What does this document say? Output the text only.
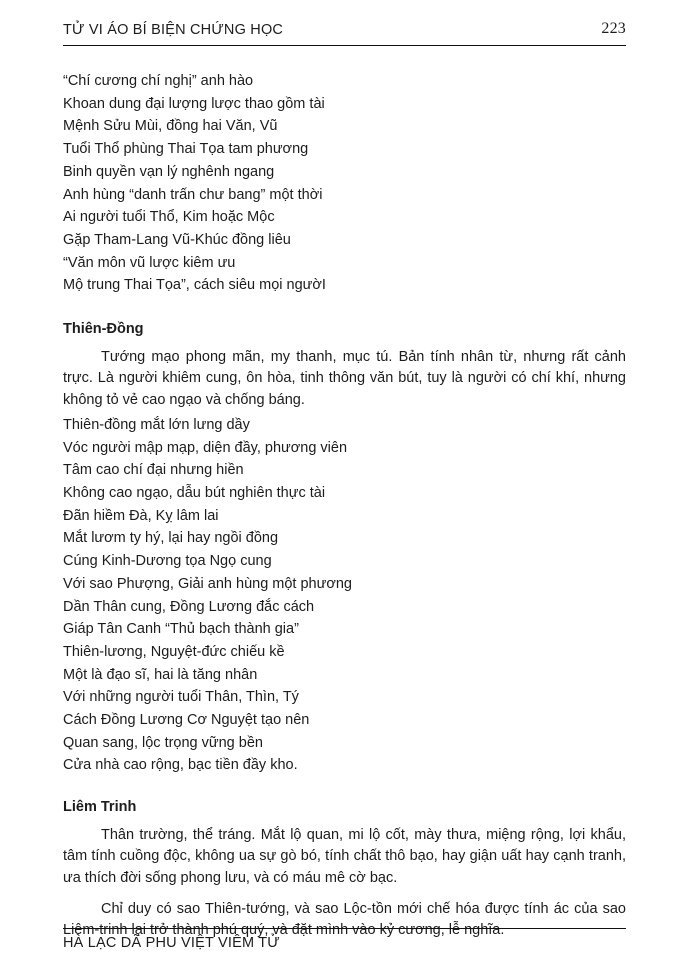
TỬ VI ÁO BÍ BIỆN CHỨNG HỌC	223

“Chí cương chí nghị” anh hào

Khoan dung đại lượng lược thao gồm tài

Mệnh Sửu Mùi, đồng hai Văn, Vũ

Tuổi Thổ phùng Thai Tọa tam phương

Binh quyền vạn lý nghênh ngang

Anh hùng “danh trấn chư bang” một thời

Ai người tuổi Thổ, Kim hoặc Mộc

Gặp Tham-Lang Vũ-Khúc đồng liêu

“Văn môn vũ lược kiêm ưu

Mộ trung Thai Tọa”, cách siêu mọi ngườI

Thiên-Đồng

Tướng mạo phong mãn, my thanh, mục tú. Bản tính nhân từ, nhưng rất cảnh trực. Là người khiêm cung, ôn hòa, tinh thông văn bút, tuy là người có chí khí, nhưng không tỏ vẻ cao ngạo và chống báng.

Thiên-đồng mắt lớn lưng dầy

Vóc người mập mạp, diện đầy, phương viên

Tâm cao chí đại nhưng hiền

Không cao ngạo, dẫu bút nghiên thực tài

Đãn hiềm Đà, Kỵ lâm lai

Mắt lươm ty hý, lại hay ngồi đồng

Cúng Kinh-Dương tọa Ngọ cung

Với sao Phượng, Giải anh hùng một phương

Dần Thân cung, Đồng Lương đắc cách

Giáp Tân Canh “Thủ bạch thành gia”

Thiên-lương, Nguyệt-đức chiếu kề

Một là đạo sĩ, hai là tăng nhân

Với những người tuổi Thân, Thìn, Tý

Cách Đồng Lương Cơ Nguyệt tạo nên

Quan sang, lộc trọng vững bền

Cửa nhà cao rộng, bạc tiền đầy kho.

Liêm Trinh

Thân trường, thể tráng. Mắt lộ quan, mi lộ cốt, mày thưa, miệng rộng, lợi khẩu, tâm tính cuồng độc, không ua sự gò bó, tính chất thô bạo, hay giận uất hay cạnh tranh, ưa thích đời sống phong lưu, và có máu mê cờ bạc.

Chỉ duy có sao Thiên-tướng, và sao Lộc-tồn mới chế hóa được tính ác của sao Liêm-trinh lại trở thành phú quý, và đặt mình vào kỷ cương, lễ nghĩa.

HÀ LẠC DÃ PHU VIỆT VIÊM TỬ
